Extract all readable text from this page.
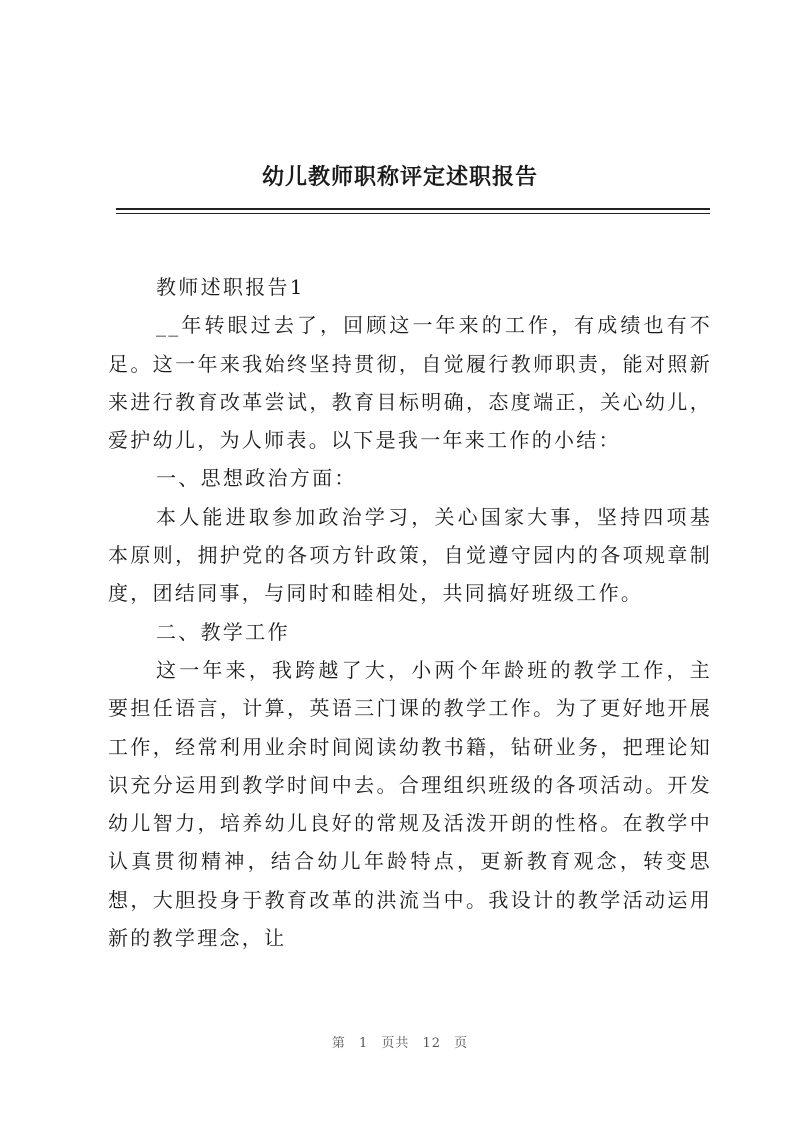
幼儿教师职称评定述职报告

教师述职报告1

__年转眼过去了，回顾这一年来的工作，有成绩也有不足。这一年来我始终坚持贯彻，自觉履行教师职责，能对照新来进行教育改革尝试，教育目标明确，态度端正，关心幼儿，爱护幼儿，为人师表。以下是我一年来工作的小结：

一、思想政治方面：

本人能进取参加政治学习，关心国家大事，坚持四项基本原则，拥护党的各项方针政策，自觉遵守园内的各项规章制度，团结同事，与同时和睦相处，共同搞好班级工作。

二、教学工作

这一年来，我跨越了大，小两个年龄班的教学工作，主要担任语言，计算，英语三门课的教学工作。为了更好地开展工作，经常利用业余时间阅读幼教书籍，钻研业务，把理论知识充分运用到教学时间中去。合理组织班级的各项活动。开发幼儿智力，培养幼儿良好的常规及活泼开朗的性格。在教学中认真贯彻精神，结合幼儿年龄特点，更新教育观念，转变思想，大胆投身于教育改革的洪流当中。我设计的教学活动运用新的教学理念，让

第 1 页共 12 页
